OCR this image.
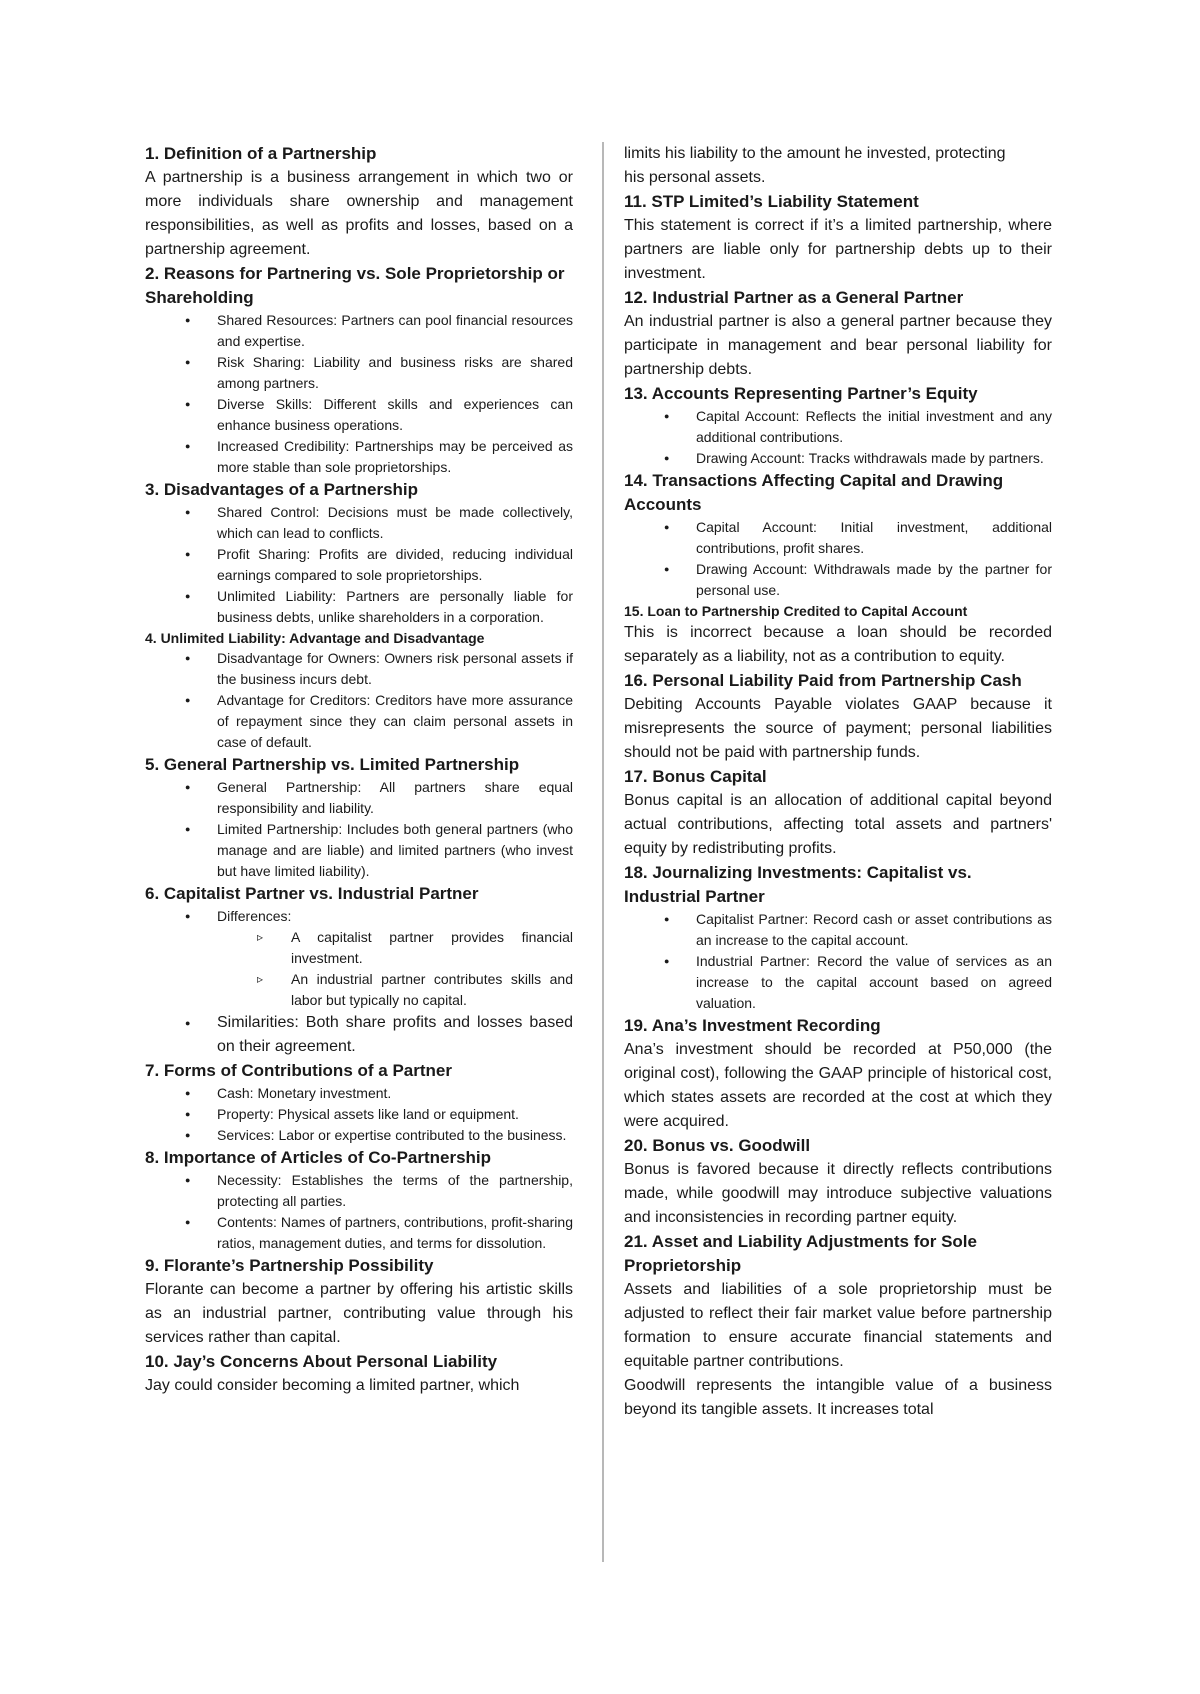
1. Definition of a Partnership
A partnership is a business arrangement in which two or more individuals share ownership and management responsibilities, as well as profits and losses, based on a partnership agreement.
2. Reasons for Partnering vs. Sole Proprietorship or Shareholding
● Shared Resources: Partners can pool financial resources and expertise.
● Risk Sharing: Liability and business risks are shared among partners.
● Diverse Skills: Different skills and experiences can enhance business operations.
● Increased Credibility: Partnerships may be perceived as more stable than sole proprietorships.
3. Disadvantages of a Partnership
● Shared Control: Decisions must be made collectively, which can lead to conflicts.
● Profit Sharing: Profits are divided, reducing individual earnings compared to sole proprietorships.
● Unlimited Liability: Partners are personally liable for business debts, unlike shareholders in a corporation.
4. Unlimited Liability: Advantage and Disadvantage
● Disadvantage for Owners: Owners risk personal assets if the business incurs debt.
● Advantage for Creditors: Creditors have more assurance of repayment since they can claim personal assets in case of default.
5. General Partnership vs. Limited Partnership
● General Partnership: All partners share equal responsibility and liability.
● Limited Partnership: Includes both general partners (who manage and are liable) and limited partners (who invest but have limited liability).
6. Capitalist Partner vs. Industrial Partner
● Differences:
▹ A capitalist partner provides financial investment.
▹ An industrial partner contributes skills and labor but typically no capital.
● Similarities: Both share profits and losses based on their agreement.
7. Forms of Contributions of a Partner
● Cash: Monetary investment.
● Property: Physical assets like land or equipment.
● Services: Labor or expertise contributed to the business.
8. Importance of Articles of Co-Partnership
● Necessity: Establishes the terms of the partnership, protecting all parties.
● Contents: Names of partners, contributions, profit-sharing ratios, management duties, and terms for dissolution.
9. Florante’s Partnership Possibility
Florante can become a partner by offering his artistic skills as an industrial partner, contributing value through his services rather than capital.
10. Jay’s Concerns About Personal Liability
Jay could consider becoming a limited partner, which
limits his liability to the amount he invested, protecting
his personal assets.
11. STP Limited’s Liability Statement
This statement is correct if it’s a limited partnership, where partners are liable only for partnership debts up to their investment.
12. Industrial Partner as a General Partner
An industrial partner is also a general partner because they participate in management and bear personal liability for partnership debts.
13. Accounts Representing Partner’s Equity
● Capital Account: Reflects the initial investment and any additional contributions.
● Drawing Account: Tracks withdrawals made by partners.
14. Transactions Affecting Capital and Drawing Accounts
● Capital Account: Initial investment, additional contributions, profit shares.
● Drawing Account: Withdrawals made by the partner for personal use.
15. Loan to Partnership Credited to Capital Account
This is incorrect because a loan should be recorded separately as a liability, not as a contribution to equity.
16. Personal Liability Paid from Partnership Cash
Debiting Accounts Payable violates GAAP because it misrepresents the source of payment; personal liabilities should not be paid with partnership funds.
17. Bonus Capital
Bonus capital is an allocation of additional capital beyond actual contributions, affecting total assets and partners' equity by redistributing profits.
18. Journalizing Investments: Capitalist vs. Industrial Partner
● Capitalist Partner: Record cash or asset contributions as an increase to the capital account.
● Industrial Partner: Record the value of services as an increase to the capital account based on agreed valuation.
19. Ana’s Investment Recording
Ana’s investment should be recorded at P50,000 (the original cost), following the GAAP principle of historical cost, which states assets are recorded at the cost at which they were acquired.
20. Bonus vs. Goodwill
Bonus is favored because it directly reflects contributions made, while goodwill may introduce subjective valuations and inconsistencies in recording partner equity.
21. Asset and Liability Adjustments for Sole Proprietorship
Assets and liabilities of a sole proprietorship must be adjusted to reflect their fair market value before partnership formation to ensure accurate financial statements and equitable partner contributions.
Goodwill represents the intangible value of a business beyond its tangible assets. It increases total
